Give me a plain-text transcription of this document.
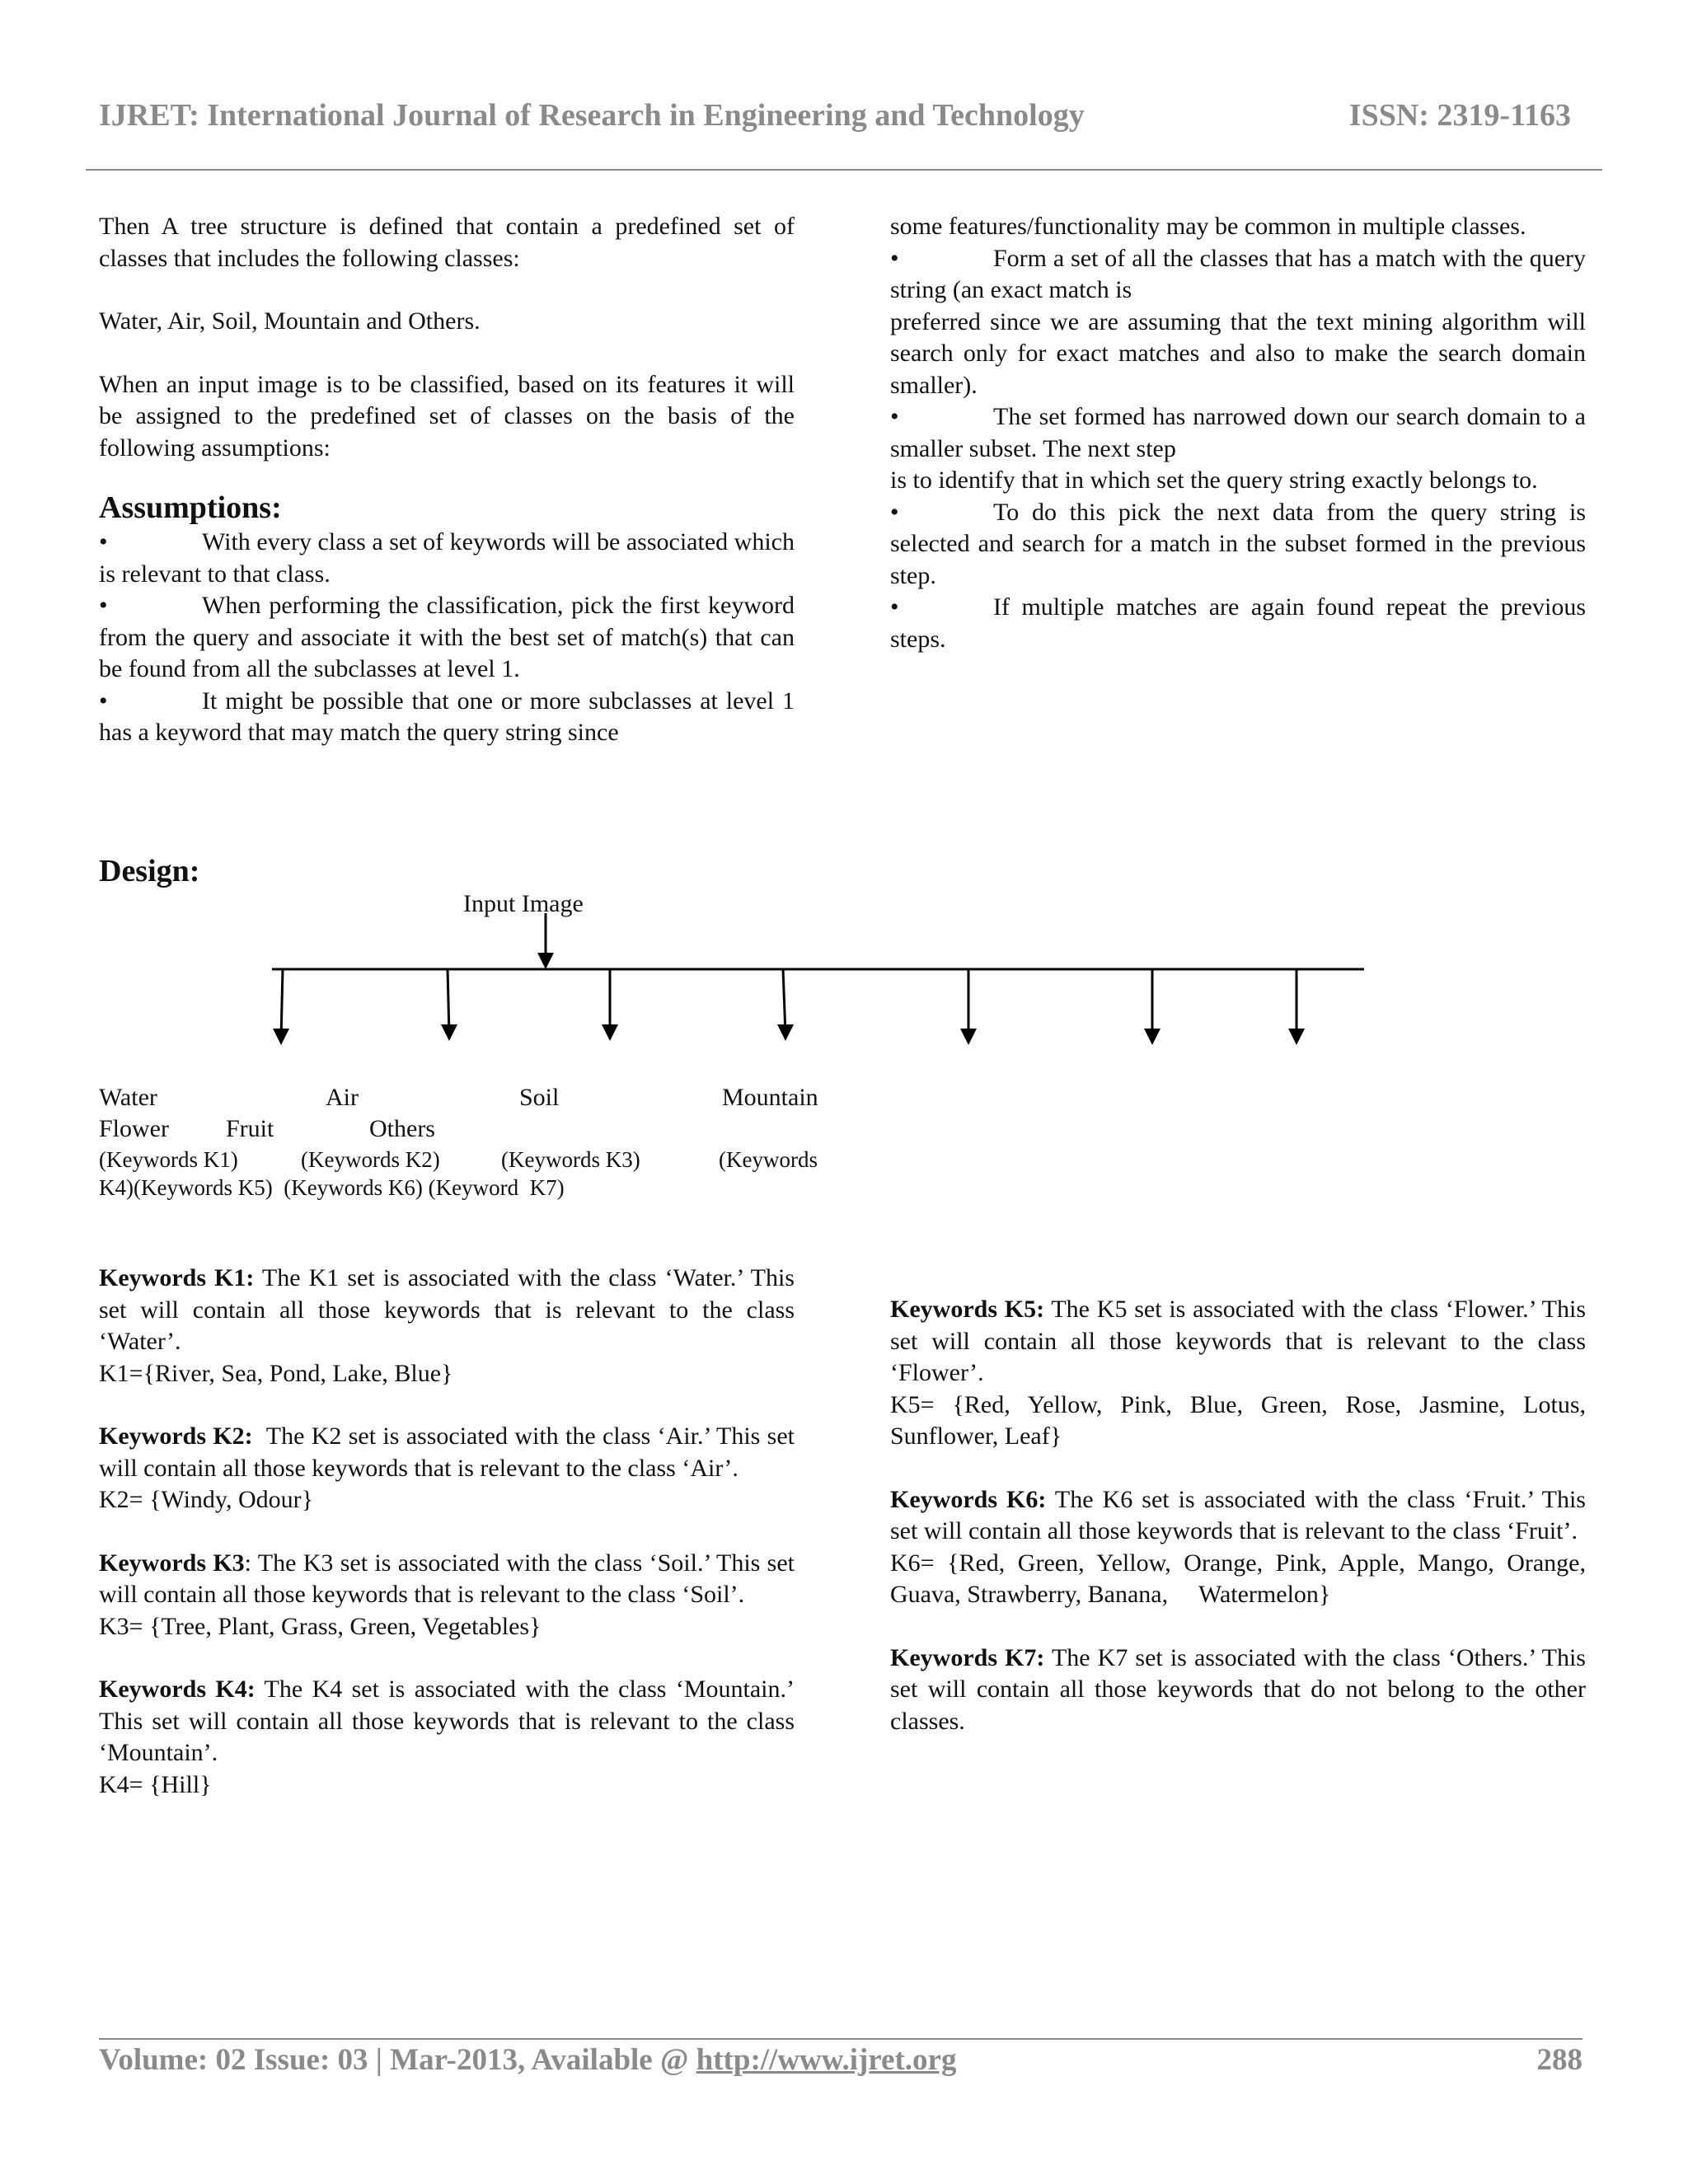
IJRET: International Journal of Research in Engineering and Technology	ISSN: 2319-1163

Then A tree structure is defined that contain a predefined set of classes that includes the following classes:

Water, Air, Soil, Mountain and Others.

When an input image is to be classified, based on its features it will be assigned to the predefined set of classes on the basis of the following assumptions:

Assumptions:

•	With every class a set of keywords will be associated which is relevant to that class.

•	When performing the classification, pick the first keyword from the query and associate it with the best set of match(s) that can be found from all the subclasses at level 1.

•	It might be possible that one or more subclasses at level 1 has a keyword that may match the query string since

some features/functionality may be common in multiple classes.

•	Form a set of all the classes that has a match with the query string (an exact match is

preferred since we are assuming that the text mining algorithm will search only for exact matches and also to make the search domain smaller).

•	The set formed has narrowed down our search domain to a smaller subset. The next step

is to identify that in which set the query string exactly belongs to.

•	To do this pick the next data from the query string is selected and search for a match in the subset formed in the previous step.

•	If multiple matches are again found repeat the previous steps.

Design:
Input Image
Water	Air	Soil	Mountain
Flower Fruit	Others
(Keywords K1)	(Keywords K2)	(Keywords K3)	(Keywords
K4)(Keywords K5)  (Keywords K6) (Keyword  K7)

Keywords K1: The K1 set is associated with the class ‘Water.’ This set will contain all those keywords that is relevant to the class ‘Water’.

K1={River, Sea, Pond, Lake, Blue}

Keywords K2:  The K2 set is associated with the class ‘Air.’ This set will contain all those keywords that is relevant to the class ‘Air’.

K2= {Windy, Odour}

Keywords K3: The K3 set is associated with the class ‘Soil.’ This set will contain all those keywords that is relevant to the class ‘Soil’.

K3= {Tree, Plant, Grass, Green, Vegetables}

Keywords K4: The K4 set is associated with the class ‘Mountain.’ This set will contain all those keywords that is relevant to the class ‘Mountain’.

K4= {Hill}

Keywords K5: The K5 set is associated with the class ‘Flower.’ This set will contain all those keywords that is relevant to the class ‘Flower’.

K5= {Red, Yellow, Pink, Blue, Green, Rose, Jasmine, Lotus, Sunflower, Leaf}

Keywords K6: The K6 set is associated with the class ‘Fruit.’ This set will contain all those keywords that is relevant to the class ‘Fruit’.

K6= {Red, Green, Yellow, Orange, Pink, Apple, Mango, Orange, Guava, Strawberry, Banana,     Watermelon}

Keywords K7: The K7 set is associated with the class ‘Others.’ This set will contain all those keywords that do not belong to the other classes.

Volume: 02 Issue: 03 | Mar-2013, Available @ http://www.ijret.org	288
